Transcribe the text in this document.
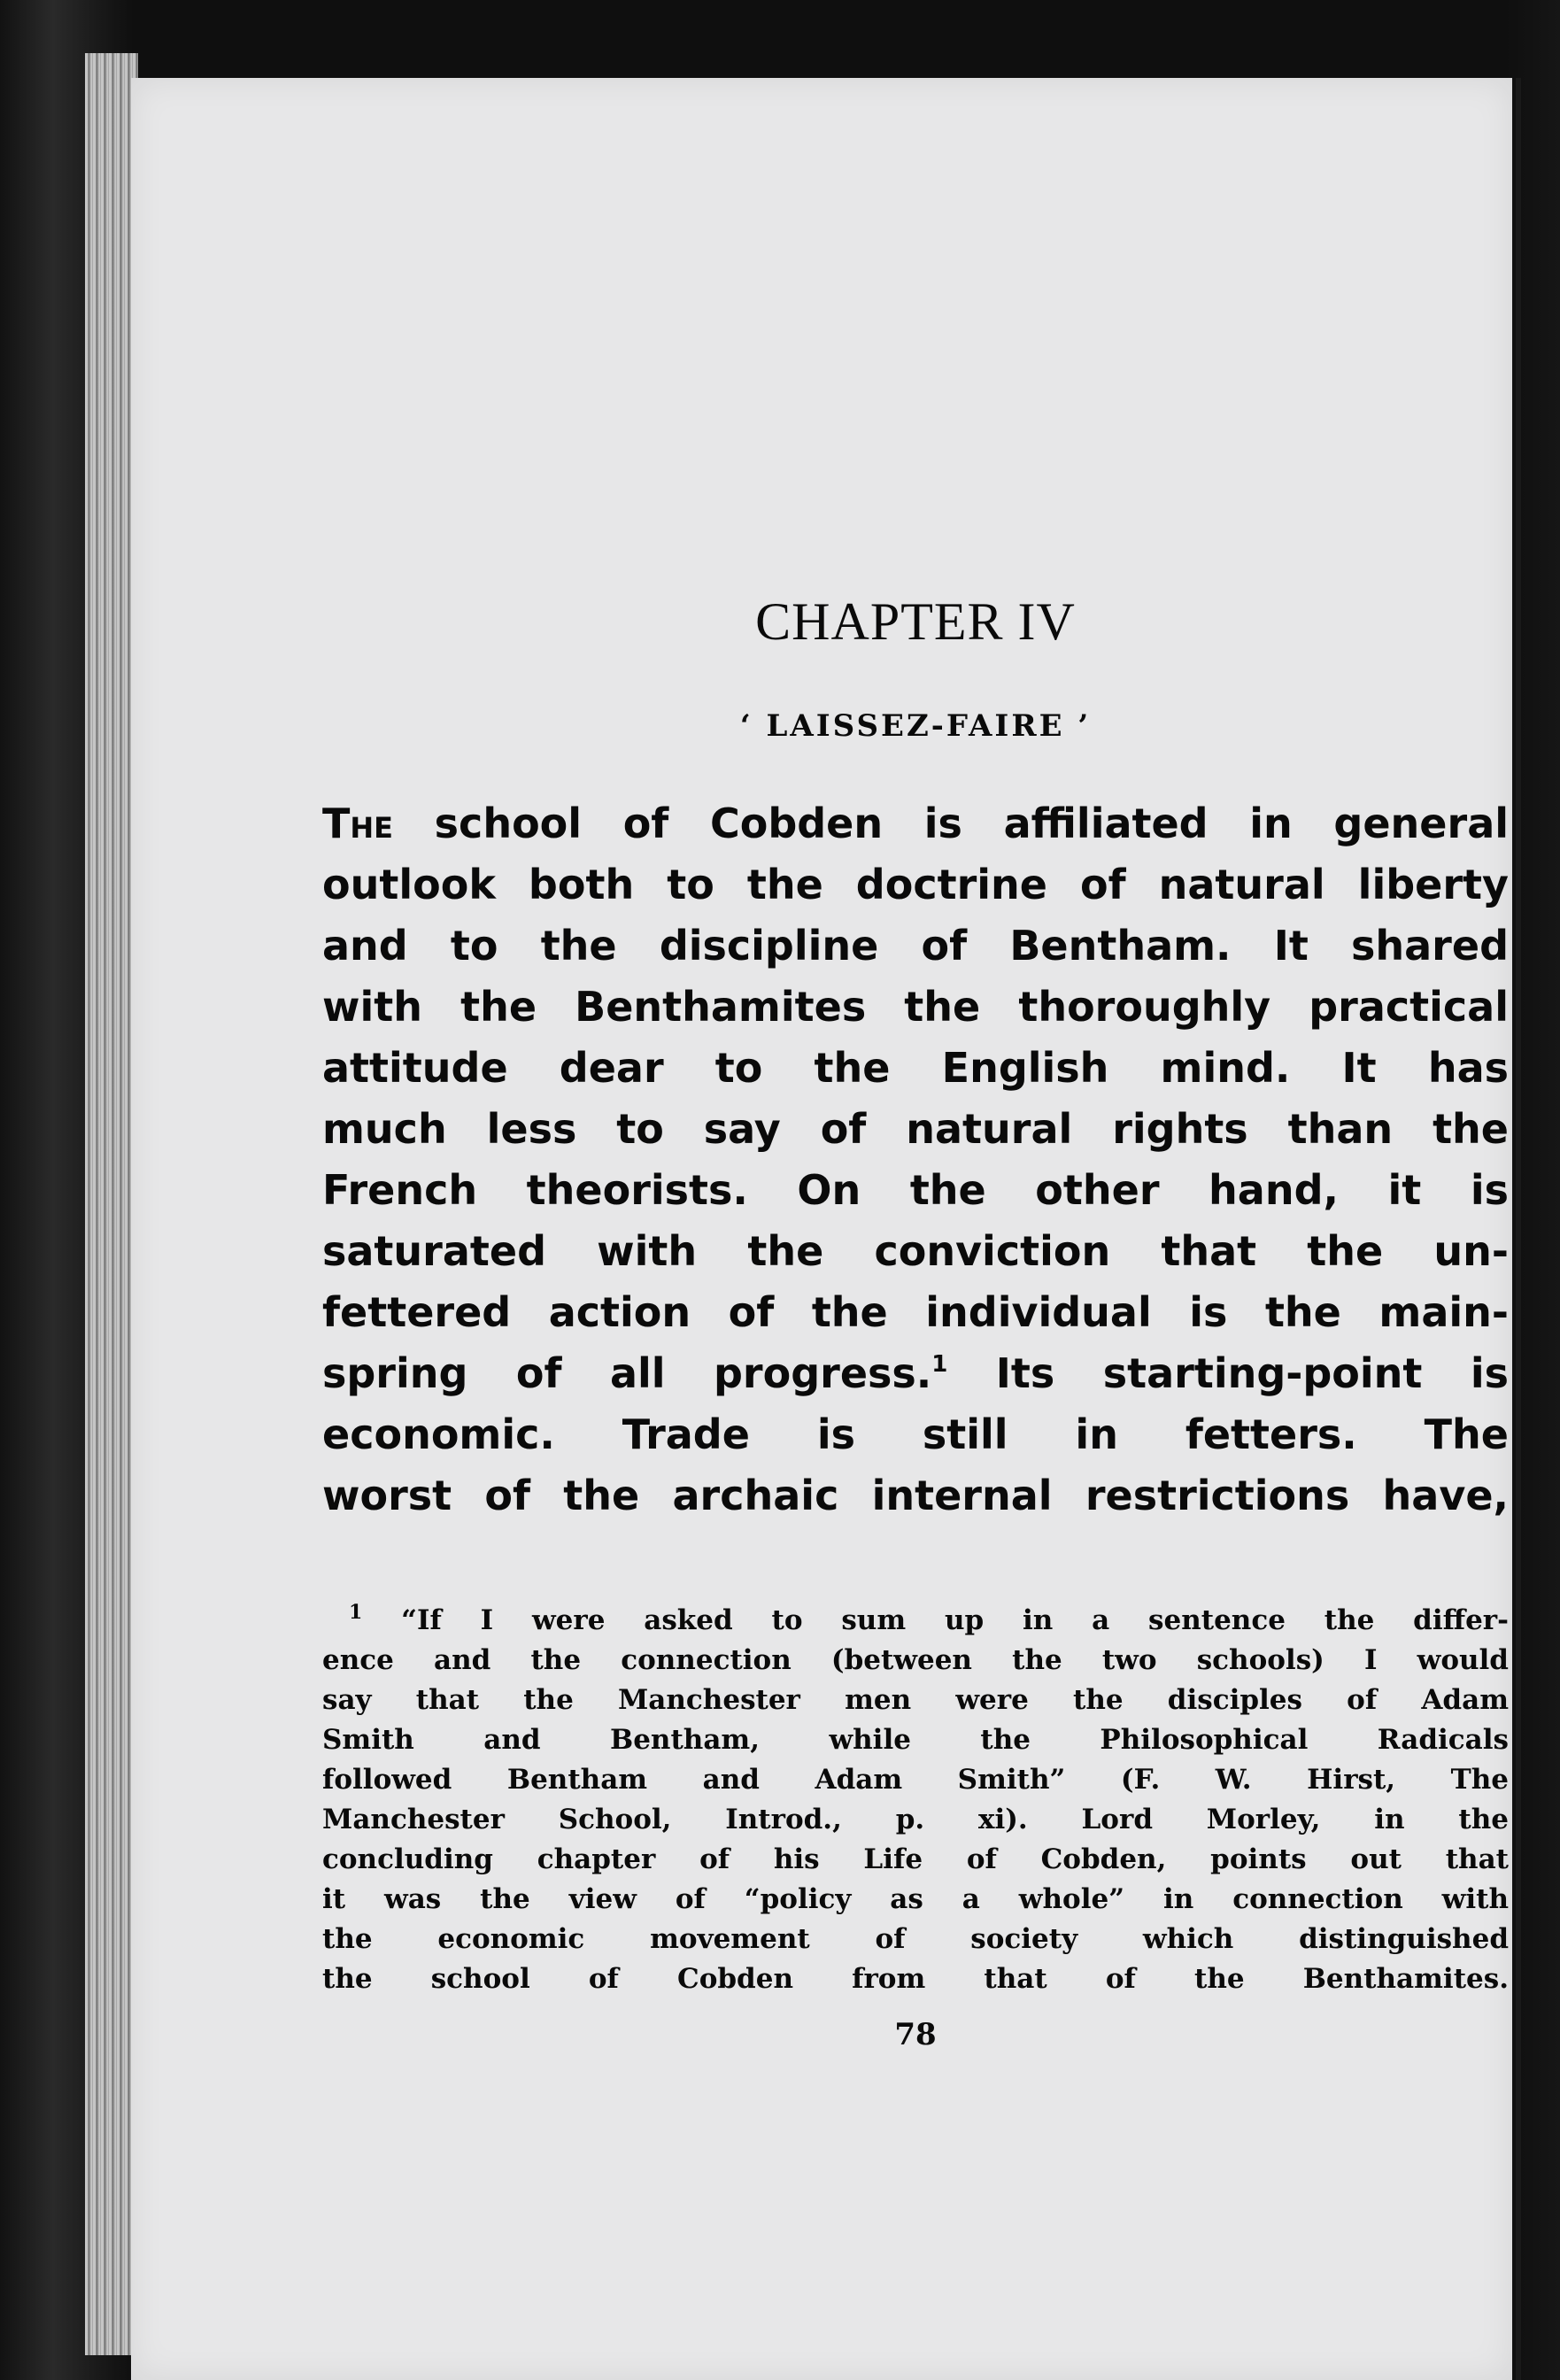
CHAPTER IV
‘ LAISSEZ-FAIRE ’
The school of Cobden is affiliated in general
outlook both to the doctrine of natural liberty
and to the discipline of Bentham. It shared
with the Benthamites the thoroughly practical
attitude dear to the English mind. It has
much less to say of natural rights than the
French theorists. On the other hand, it is
saturated with the conviction that the un-
fettered action of the individual is the main-
spring of all progress.$^1$ Its starting-point is
economic. Trade is still in fetters. The
worst of the archaic internal restrictions have,
$^1$ “If I were asked to sum up in a sentence the differ-
ence and the connection (between the two schools) I would
say that the Manchester men were the disciples of Adam
Smith and Bentham, while the Philosophical Radicals
followed Bentham and Adam Smith” (F. W. Hirst, The
Manchester School, Introd., p. xi). Lord Morley, in the
concluding chapter of his Life of Cobden, points out that
it was the view of “policy as a whole” in connection with
the economic movement of society which distinguished
the school of Cobden from that of the Benthamites.
78
